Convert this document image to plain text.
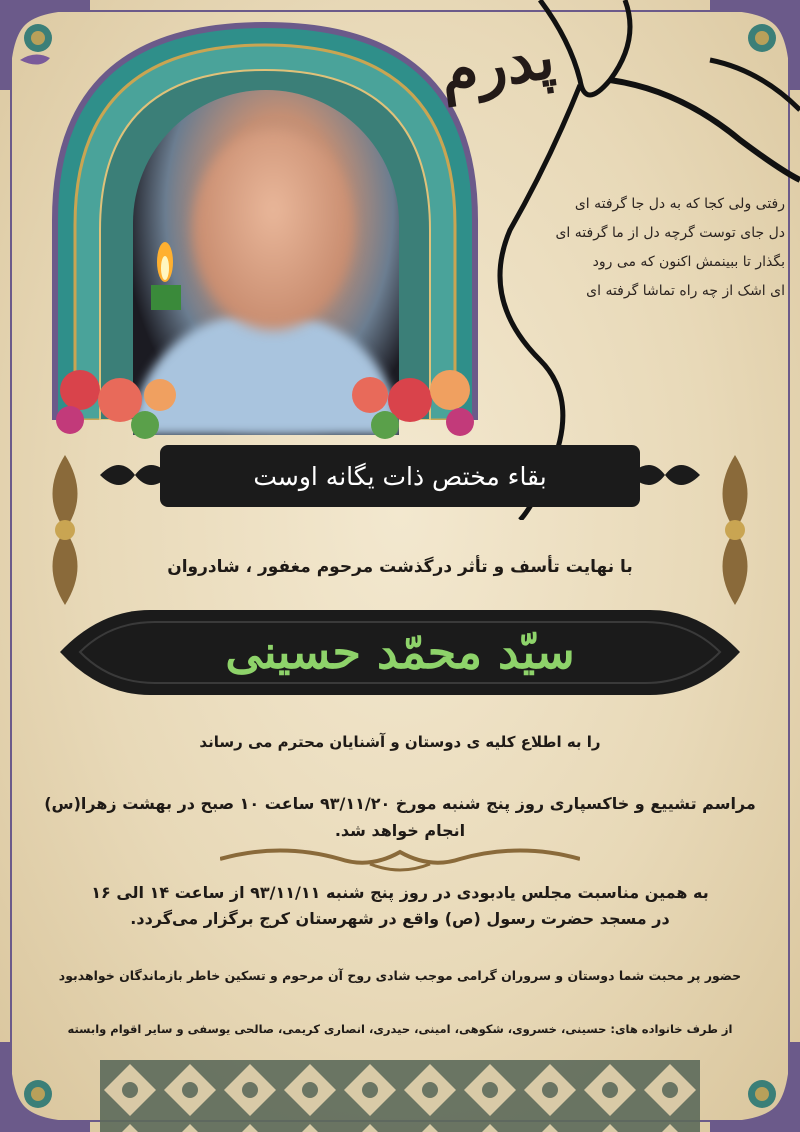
پدرم
رفتی ولی کجا که به دل جا گرفته ای
دل جای توست گرچه دل از ما گرفته ای
بگذار تا ببینمش اکنون که می رود
ای اشک از چه راه تماشا گرفته ای
بقاء مختص ذات یگانه اوست
با نهایت تأسف و تأثر درگذشت مرحوم مغفور ، شادروان
سیّد محمّد حسینی
را به اطلاع کلیه ی دوستان و آشنایان محترم می رساند
مراسم تشییع و خاکسپاری روز پنج شنبه مورخ ۹۳/۱۱/۲۰ ساعت ۱۰ صبح در بهشت زهرا(س)
انجام خواهد شد.
به همین مناسبت مجلس یادبودی در روز پنج شنبه ۹۳/۱۱/۱۱ از ساعت ۱۴ الی ۱۶
در مسجد حضرت رسول (ص) واقع در شهرستان کرج برگزار می‌گردد.
حضور پر محبت شما دوستان و سروران گرامی موجب شادی روح آن مرحوم و تسکین خاطر بازماندگان خواهدبود
از طرف خانواده های: حسینی، خسروی، شکوهی، امینی، حیدری، انصاری کریمی، صالحی یوسفی و سایر اقوام وابسته
